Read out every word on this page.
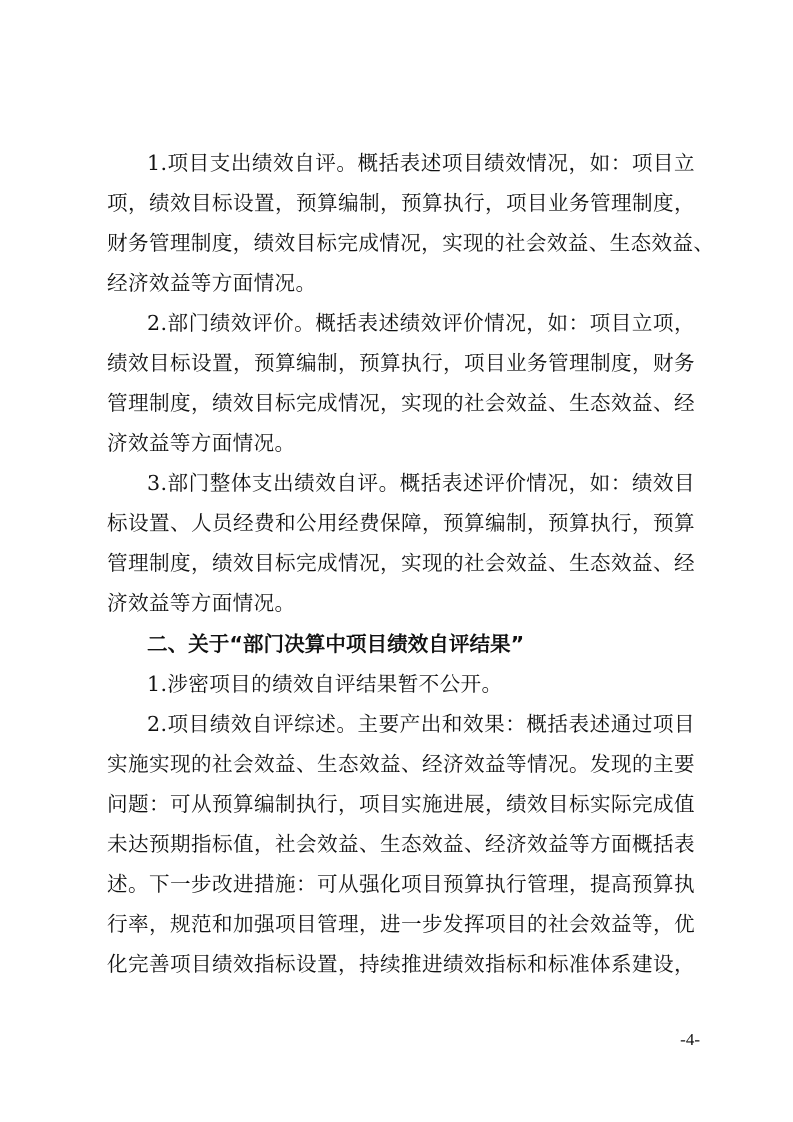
1.项目支出绩效自评。概括表述项目绩效情况，如：项目立
项，绩效目标设置，预算编制，预算执行，项目业务管理制度，
财务管理制度，绩效目标完成情况，实现的社会效益、生态效益、
经济效益等方面情况。
2.部门绩效评价。概括表述绩效评价情况，如：项目立项，
绩效目标设置，预算编制，预算执行，项目业务管理制度，财务
管理制度，绩效目标完成情况，实现的社会效益、生态效益、经
济效益等方面情况。
3.部门整体支出绩效自评。概括表述评价情况，如：绩效目
标设置、人员经费和公用经费保障，预算编制，预算执行，预算
管理制度，绩效目标完成情况，实现的社会效益、生态效益、经
济效益等方面情况。
二、关于“部门决算中项目绩效自评结果”
1.涉密项目的绩效自评结果暂不公开。
2.项目绩效自评综述。主要产出和效果：概括表述通过项目
实施实现的社会效益、生态效益、经济效益等情况。发现的主要
问题：可从预算编制执行，项目实施进展，绩效目标实际完成值
未达预期指标值，社会效益、生态效益、经济效益等方面概括表
述。下一步改进措施：可从强化项目预算执行管理，提高预算执
行率，规范和加强项目管理，进一步发挥项目的社会效益等，优
化完善项目绩效指标设置，持续推进绩效指标和标准体系建设，
-4-
